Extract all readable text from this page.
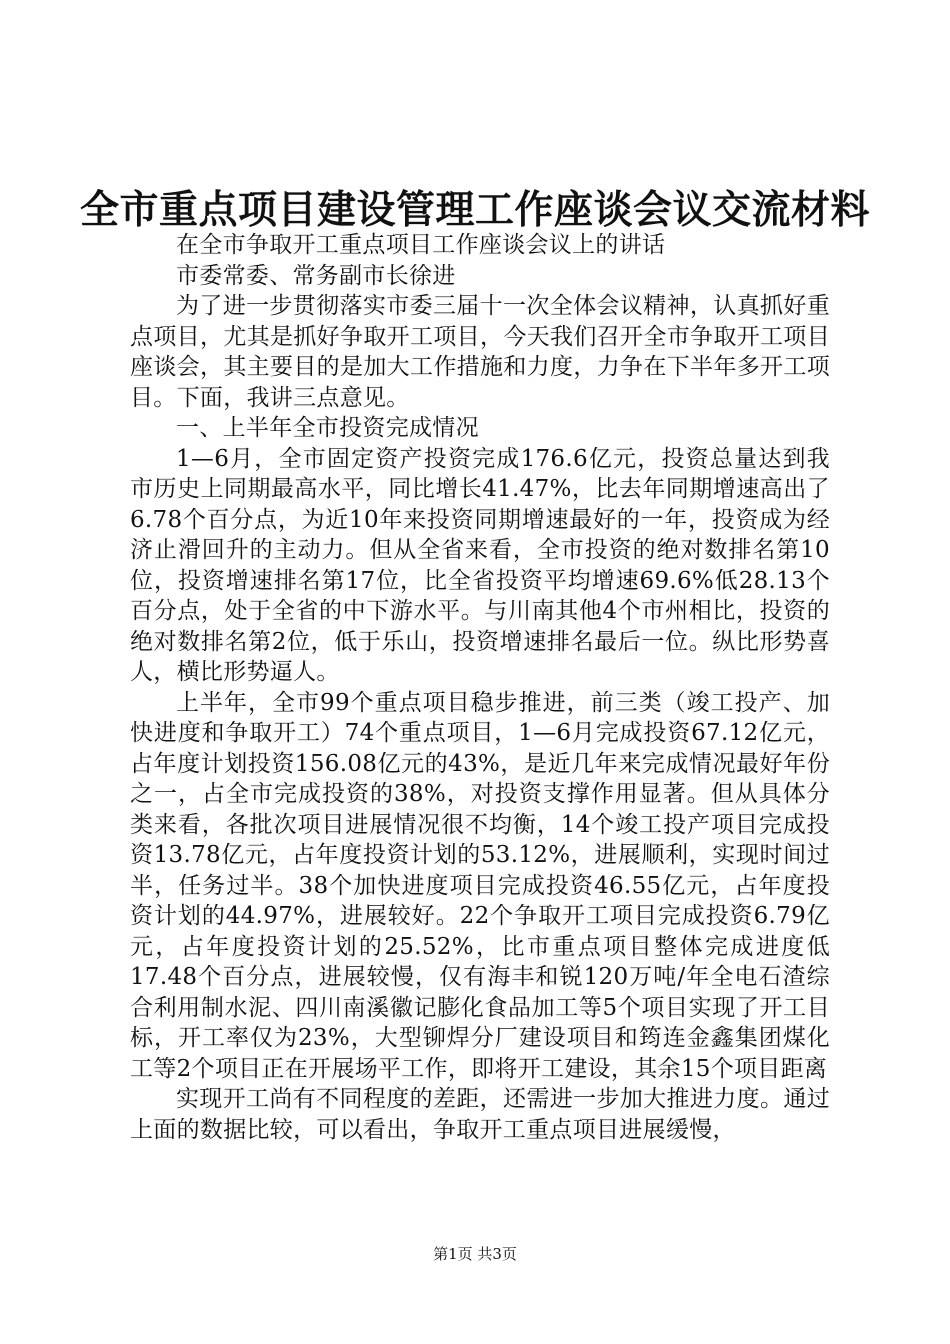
全市重点项目建设管理工作座谈会议交流材料

在全市争取开工重点项目工作座谈会议上的讲话

市委常委、常务副市长徐进

为了进一步贯彻落实市委三届十一次全体会议精神，认真抓好重点项目，尤其是抓好争取开工项目，今天我们召开全市争取开工项目座谈会，其主要目的是加大工作措施和力度，力争在下半年多开工项目。下面，我讲三点意见。

一、上半年全市投资完成情况

1—6月，全市固定资产投资完成176.6亿元，投资总量达到我市历史上同期最高水平，同比增长41.47%，比去年同期增速高出了6.78个百分点，为近10年来投资同期增速最好的一年，投资成为经济止滑回升的主动力。但从全省来看，全市投资的绝对数排名第10位，投资增速排名第17位，比全省投资平均增速69.6%低28.13个百分点，处于全省的中下游水平。与川南其他4个市州相比，投资的绝对数排名第2位，低于乐山，投资增速排名最后一位。纵比形势喜人，横比形势逼人。

上半年，全市99个重点项目稳步推进，前三类（竣工投产、加快进度和争取开工）74个重点项目，1—6月完成投资67.12亿元，占年度计划投资156.08亿元的43%，是近几年来完成情况最好年份之一，占全市完成投资的38%，对投资支撑作用显著。但从具体分类来看，各批次项目进展情况很不均衡，14个竣工投产项目完成投资13.78亿元，占年度投资计划的53.12%，进展顺利，实现时间过半，任务过半。38个加快进度项目完成投资46.55亿元，占年度投资计划的44.97%，进展较好。22个争取开工项目完成投资6.79亿元，占年度投资计划的25.52%，比市重点项目整体完成进度低17.48个百分点，进展较慢，仅有海丰和锐120万吨/年全电石渣综合利用制水泥、四川南溪徽记膨化食品加工等5个项目实现了开工目标，开工率仅为23%，大型铆焊分厂建设项目和筠连金鑫集团煤化工等2个项目正在开展场平工作，即将开工建设，其余15个项目距离

实现开工尚有不同程度的差距，还需进一步加大推进力度。通过上面的数据比较，可以看出，争取开工重点项目进展缓慢，

第1页 共3页
